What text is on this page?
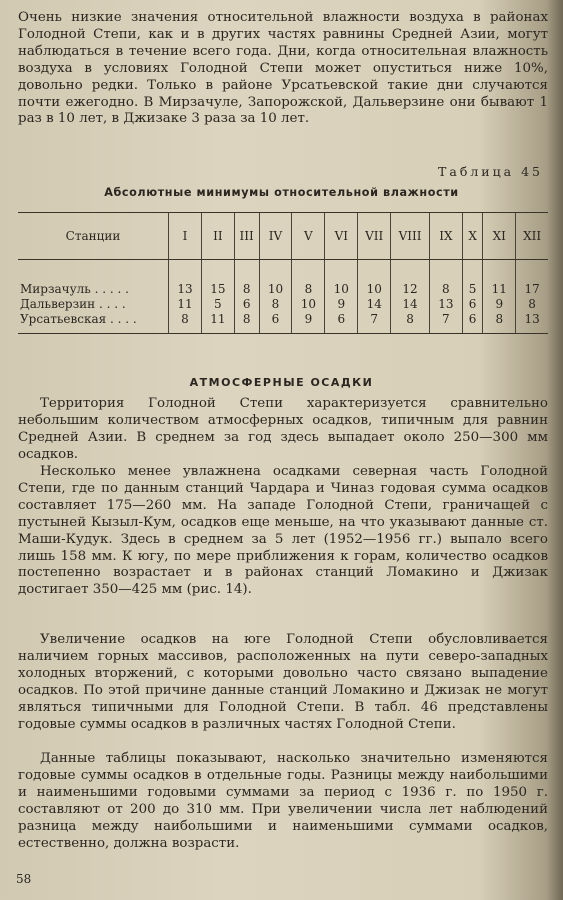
Очень низкие значения относительной влажности воздуха в районах Голодной Степи, как и в других частях равнины Средней Азии, могут наблюдаться в течение всего года. Дни, когда относительная влажность воздуха в условиях Голодной Степи может опуститься ниже 10%, довольно редки. Только в районе Урсатьевской такие дни случаются почти ежегодно. В Мирзачуле, Запорожской, Дальверзине они бывают 1 раз в 10 лет, в Джизаке 3 раза за 10 лет.

Таблица 45
Абсолютные минимумы относительной влажности
Станции	I	II	III	IV	V	VI	VII	VIII	IX	X	XI	XII

Мирзачуль . . . . .	13	15	8	10	8	10	10	12	8	5	11	17
Дальверзин . . . .	11	5	6	8	10	9	14	14	13	6	9	8
Урсатьевская . . . .	8	11	8	6	9	6	7	8	7	6	8	13
АТМОСФЕРНЫЕ ОСАДКИ

Территория Голодной Степи характеризуется сравнительно небольшим количеством атмосферных осадков, типичным для равнин Средней Азии. В среднем за год здесь выпадает около 250—300 мм осадков.

Несколько менее увлажнена осадками северная часть Голодной Степи, где по данным станций Чардара и Чиназ годовая сумма осадков составляет 175—260 мм. На западе Голодной Степи, граничащей с пустыней Кызыл-Кум, осадков еще меньше, на что указывают данные ст. Маши-Кудук. Здесь в среднем за 5 лет (1952—1956 гг.) выпало всего лишь 158 мм. К югу, по мере приближения к горам, количество осадков постепенно возрастает и в районах станций Ломакино и Джизак достигает 350—425 мм (рис. 14).

Увеличение осадков на юге Голодной Степи обусловливается наличием горных массивов, расположенных на пути северо-западных холодных вторжений, с которыми довольно часто связано выпадение осадков. По этой причине данные станций Ломакино и Джизак не могут являться типичными для Голодной Степи. В табл. 46 представлены годовые суммы осадков в различных частях Голодной Степи.

Данные таблицы показывают, насколько значительно изменяются годовые суммы осадков в отдельные годы. Разницы между наибольшими и наименьшими годовыми суммами за период с 1936 г. по 1950 г. составляют от 200 до 310 мм. При увеличении числа лет наблюдений разница между наибольшими и наименьшими суммами осадков, естественно, должна возрасти.

58
